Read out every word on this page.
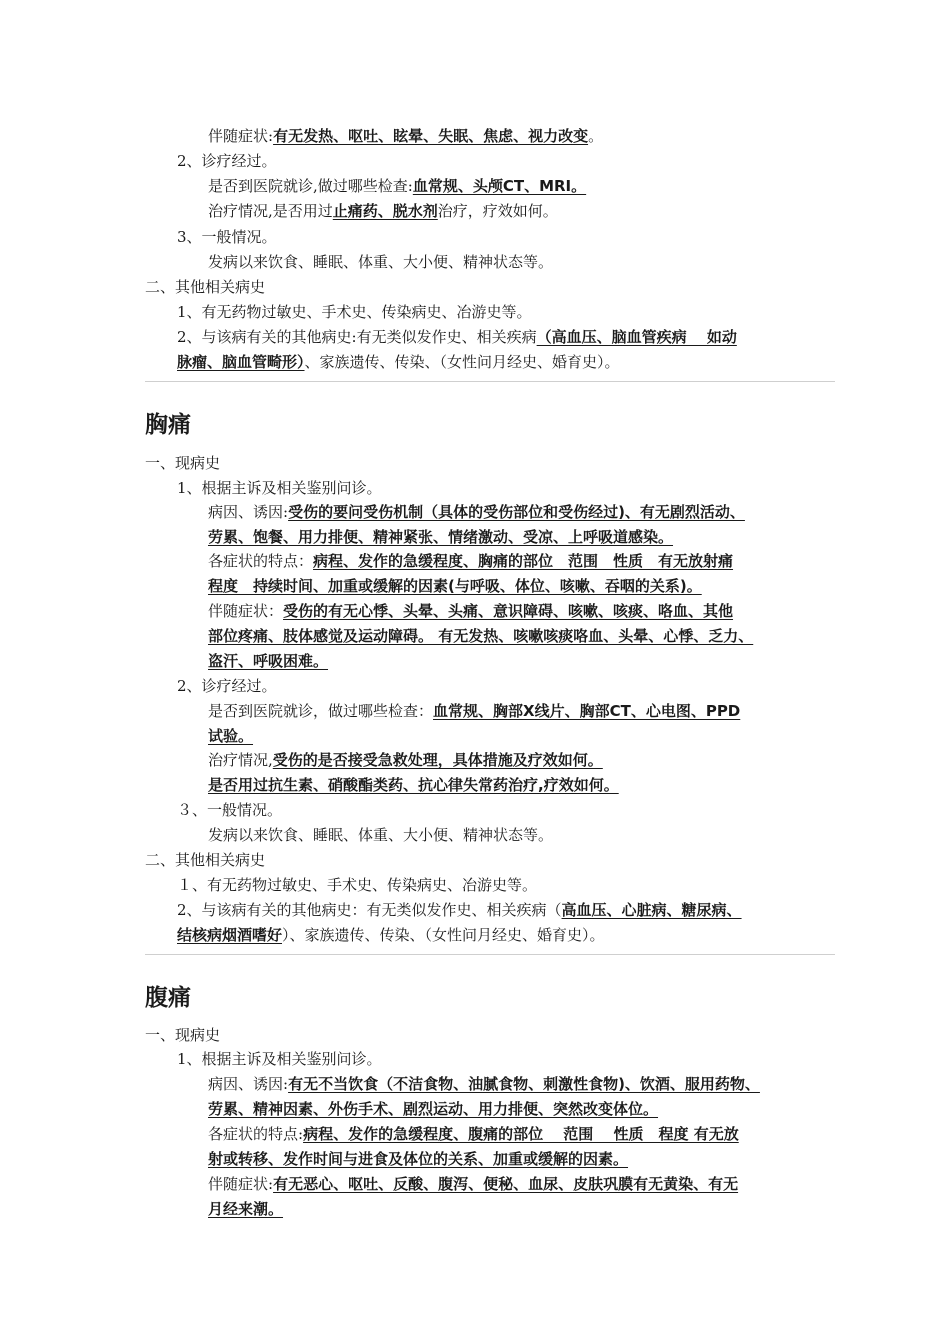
伴随症状:有无发热、呕吐、眩晕、失眠、焦虑、视力改变。
2、诊疗经过。
是否到医院就诊,做过哪些检查:血常规、头颅CT、MRI。
治疗情况,是否用过止痛药、脱水剂治疗，疗效如何。
3、一般情况。
发病以来饮食、睡眠、体重、大小便、精神状态等。
二、其他相关病史
1、有无药物过敏史、手术史、传染病史、冶游史等。
2、与该病有关的其他病史:有无类似发作史、相关疾病（高血压、脑血管疾病　 如动
脉瘤、脑血管畸形）、家族遗传、传染、（女性问月经史、婚育史）。
胸痛
一、现病史
1、根据主诉及相关鉴别问诊。
病因、诱因:受伤的要问受伤机制（具体的受伤部位和受伤经过)、有无剧烈活动、
劳累、饱餐、用力排便、精神紧张、情绪激动、受凉、上呼吸道感染。
各症状的特点：病程、发作的急缓程度、胸痛的部位　范围　性质　有无放射痛
程度　持续时间、加重或缓解的因素(与呼吸、体位、咳嗽、吞咽的关系)。
伴随症状：受伤的有无心悸、头晕、头痛、意识障碍、咳嗽、咳痰、咯血、其他
部位疼痛、肢体感觉及运动障碍。 有无发热、咳嗽咳痰咯血、头晕、心悸、乏力、
盗汗、呼吸困难。
2、诊疗经过。
是否到医院就诊，做过哪些检查：血常规、胸部X线片、胸部CT、心电图、PPD
试验。
治疗情况,受伤的是否接受急救处理，具体措施及疗效如何。
是否用过抗生素、硝酸酯类药、抗心律失常药治疗,疗效如何。
３、一般情况。
发病以来饮食、睡眠、体重、大小便、精神状态等。
二、其他相关病史
１、有无药物过敏史、手术史、传染病史、冶游史等。
2、与该病有关的其他病史：有无类似发作史、相关疾病（高血压、心脏病、糖尿病、
结核病烟酒嗜好）、家族遗传、传染、（女性问月经史、婚育史）。
腹痛
一、现病史
1、根据主诉及相关鉴别问诊。
病因、诱因:有无不当饮食（不洁食物、油腻食物、刺激性食物)、饮酒、服用药物、
劳累、精神因素、外伤手术、剧烈运动、用力排便、突然改变体位。
各症状的特点:病程、发作的急缓程度、腹痛的部位　 范围　 性质　程度 有无放
射或转移、发作时间与进食及体位的关系、加重或缓解的因素。
伴随症状:有无恶心、呕吐、反酸、腹泻、便秘、血尿、皮肤巩膜有无黄染、有无
月经来潮。
